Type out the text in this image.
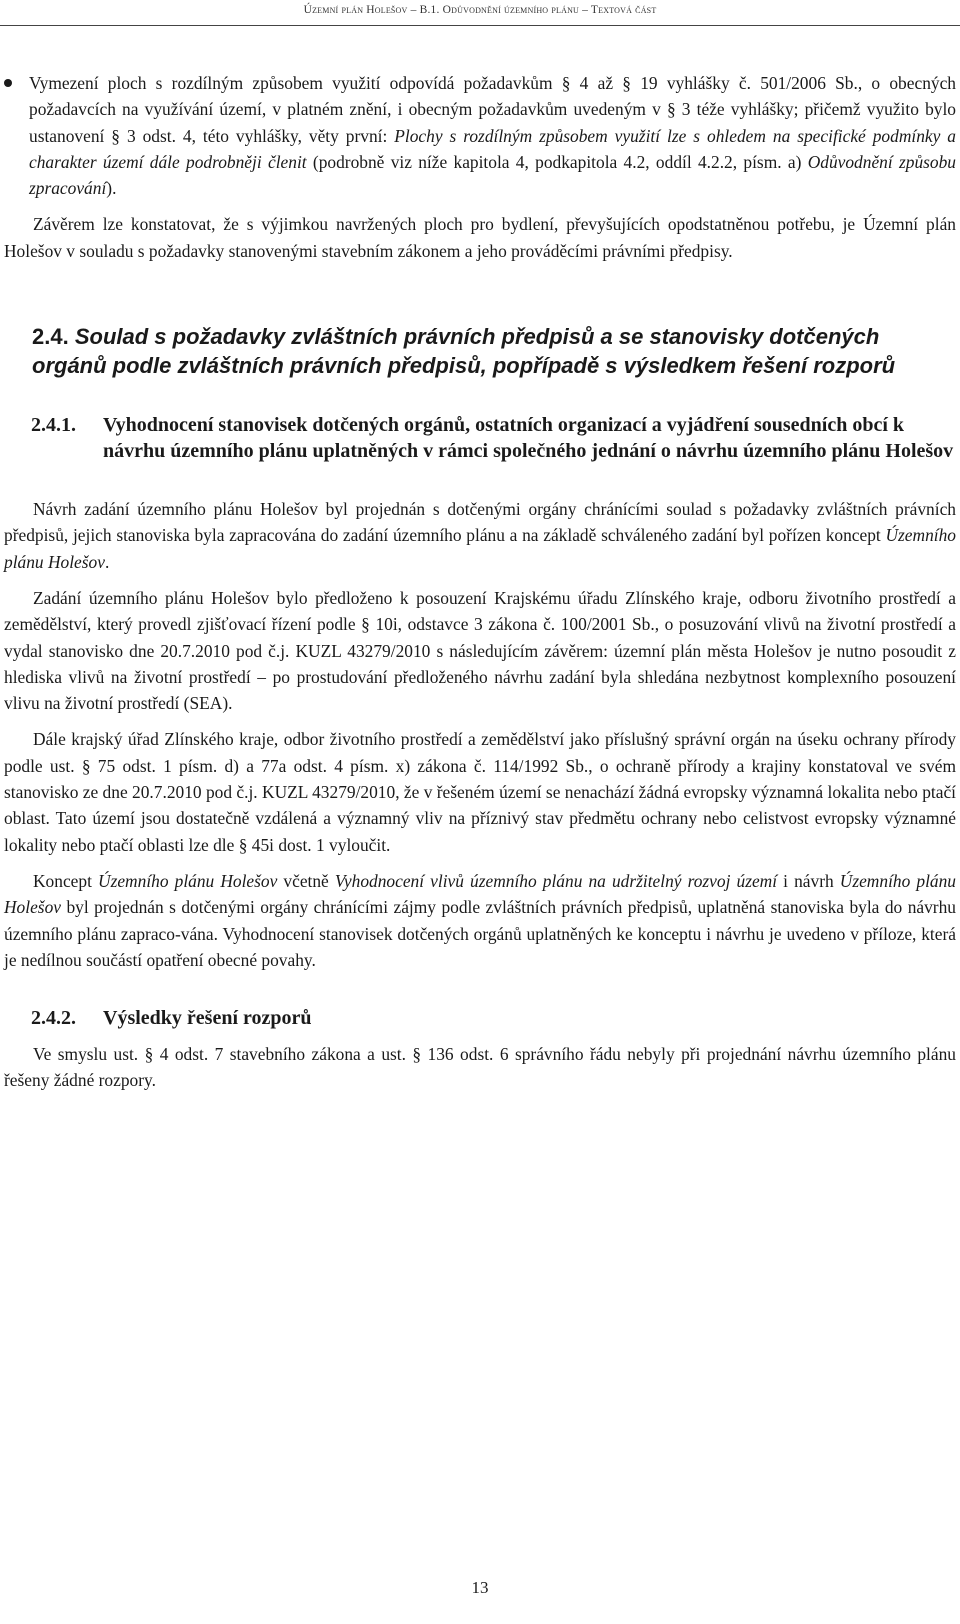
Územní plán Holešov – B.1. Odůvodnění územního plánu – Textová část

Vymezení ploch s rozdílným způsobem využití odpovídá požadavkům § 4 až § 19 vyhlášky č. 501/2006 Sb., o obecných požadavcích na využívání území, v platném znění, i obecným požadavkům uvedeným v § 3 téže vyhlášky; přičemž využito bylo ustanovení § 3 odst. 4, této vyhlášky, věty první: Plochy s rozdílným způsobem využití lze s ohledem na specifické podmínky a charakter území dále podrobněji členit (podrobně viz níže kapitola 4, podkapitola 4.2, oddíl 4.2.2, písm. a) Odůvodnění způsobu zpracování).

Závěrem lze konstatovat, že s výjimkou navržených ploch pro bydlení, převyšujících opodstatněnou potřebu, je Územní plán Holešov v souladu s požadavky stanovenými stavebním zákonem a jeho prováděcími právními předpisy.

2.4. Soulad s požadavky zvláštních právních předpisů a se stanovisky dotčených orgánů podle zvláštních právních předpisů, popřípadě s výsledkem řešení rozporů
2.4.1.	Vyhodnocení stanovisek dotčených orgánů, ostatních organizací a vyjádření sousedních obcí k návrhu územního plánu uplatněných v rámci společného jednání o návrhu územního plánu Holešov

Návrh zadání územního plánu Holešov byl projednán s dotčenými orgány chránícími soulad s požadavky zvláštních právních předpisů, jejich stanoviska byla zapracována do zadání územního plánu a na základě schváleného zadání byl pořízen koncept Územního plánu Holešov.

Zadání územního plánu Holešov bylo předloženo k posouzení Krajskému úřadu Zlínského kraje, odboru životního prostředí a zemědělství, který provedl zjišťovací řízení podle § 10i, odstavce 3 zákona č. 100/2001 Sb., o posuzování vlivů na životní prostředí a vydal stanovisko dne 20.7.2010 pod č.j. KUZL 43279/2010 s následujícím závěrem: územní plán města Holešov je nutno posoudit z hlediska vlivů na životní prostředí – po prostudování předloženého návrhu zadání byla shledána nezbytnost komplexního posouzení vlivu na životní prostředí (SEA).

Dále krajský úřad Zlínského kraje, odbor životního prostředí a zemědělství jako příslušný správní orgán na úseku ochrany přírody podle ust. § 75 odst. 1 písm. d) a 77a odst. 4 písm. x) zákona č. 114/1992 Sb., o ochraně přírody a krajiny konstatoval ve svém stanovisko ze dne 20.7.2010 pod č.j. KUZL 43279/2010, že v řešeném území se nenachází žádná evropsky významná lokalita nebo ptačí oblast. Tato území jsou dostatečně vzdálená a významný vliv na příznivý stav předmětu ochrany nebo celistvost evropsky významné lokality nebo ptačí oblasti lze dle § 45i dost. 1 vyloučit.

Koncept Územního plánu Holešov včetně Vyhodnocení vlivů územního plánu na udržitelný rozvoj území i návrh Územního plánu Holešov byl projednán s dotčenými orgány chránícími zájmy podle zvláštních právních předpisů, uplatněná stanoviska byla do návrhu územního plánu zapraco-vána. Vyhodnocení stanovisek dotčených orgánů uplatněných ke konceptu i návrhu je uvedeno v příloze, která je nedílnou součástí opatření obecné povahy.

2.4.2.	Výsledky řešení rozporů

Ve smyslu ust. § 4 odst. 7 stavebního zákona a ust. § 136 odst. 6 správního řádu nebyly při projednání návrhu územního plánu řešeny žádné rozpory.

13
